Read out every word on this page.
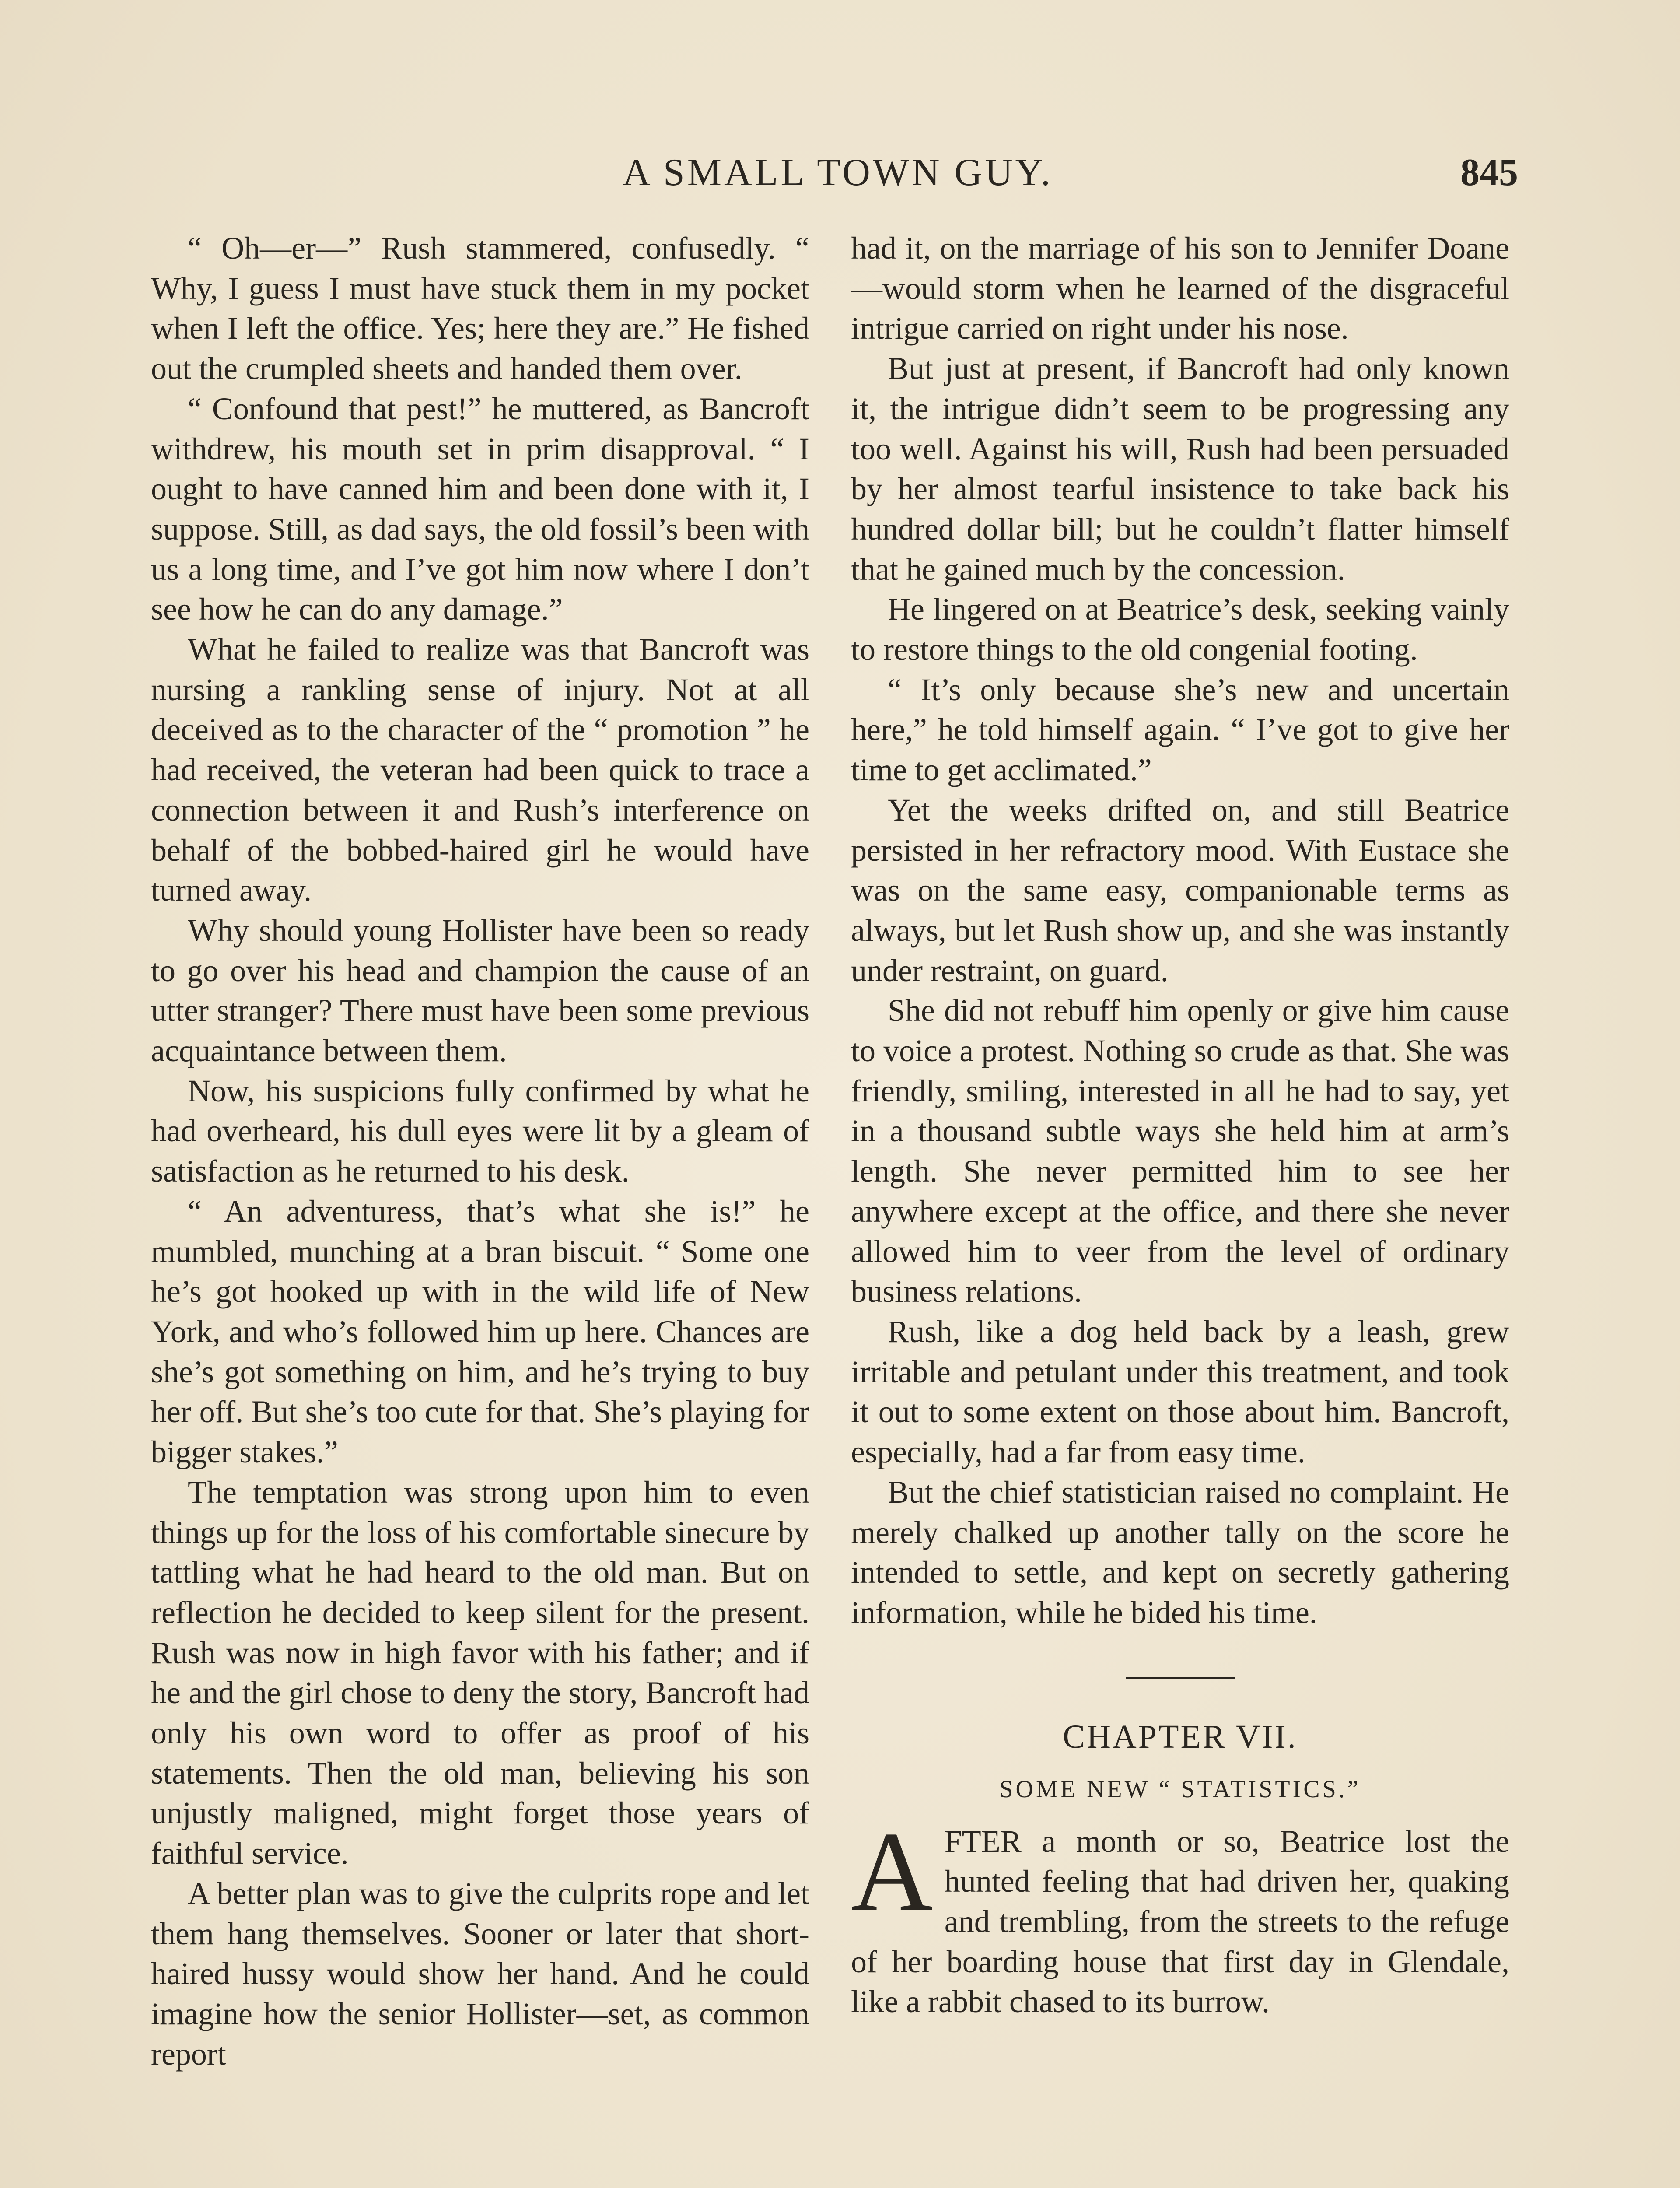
A SMALL TOWN GUY.	845

“ Oh—er—” Rush stammered, confusedly. “ Why, I guess I must have stuck them in my pocket when I left the office. Yes; here they are.” He fished out the crumpled sheets and handed them over.

“ Confound that pest!” he muttered, as Bancroft withdrew, his mouth set in prim disapproval. “ I ought to have canned him and been done with it, I suppose. Still, as dad says, the old fossil’s been with us a long time, and I’ve got him now where I don’t see how he can do any damage.”

What he failed to realize was that Bancroft was nursing a rankling sense of injury. Not at all deceived as to the character of the “ promotion ” he had received, the veteran had been quick to trace a connection between it and Rush’s interference on behalf of the bobbed-haired girl he would have turned away.

Why should young Hollister have been so ready to go over his head and champion the cause of an utter stranger? There must have been some previous acquaintance between them.

Now, his suspicions fully confirmed by what he had overheard, his dull eyes were lit by a gleam of satisfaction as he returned to his desk.

“ An adventuress, that’s what she is!” he mumbled, munching at a bran biscuit. “ Some one he’s got hooked up with in the wild life of New York, and who’s followed him up here. Chances are she’s got something on him, and he’s trying to buy her off. But she’s too cute for that. She’s playing for bigger stakes.”

The temptation was strong upon him to even things up for the loss of his comfortable sinecure by tattling what he had heard to the old man. But on reflection he decided to keep silent for the present. Rush was now in high favor with his father; and if he and the girl chose to deny the story, Bancroft had only his own word to offer as proof of his statements. Then the old man, believing his son unjustly maligned, might forget those years of faithful service.

A better plan was to give the culprits rope and let them hang themselves. Sooner or later that short-haired hussy would show her hand. And he could imagine how the senior Hollister—set, as common report

had it, on the marriage of his son to Jennifer Doane—would storm when he learned of the disgraceful intrigue carried on right under his nose.

But just at present, if Bancroft had only known it, the intrigue didn’t seem to be progressing any too well. Against his will, Rush had been persuaded by her almost tearful insistence to take back his hundred dollar bill; but he couldn’t flatter himself that he gained much by the concession.

He lingered on at Beatrice’s desk, seeking vainly to restore things to the old congenial footing.

“ It’s only because she’s new and uncertain here,” he told himself again. “ I’ve got to give her time to get acclimated.”

Yet the weeks drifted on, and still Beatrice persisted in her refractory mood. With Eustace she was on the same easy, companionable terms as always, but let Rush show up, and she was instantly under restraint, on guard.

She did not rebuff him openly or give him cause to voice a protest. Nothing so crude as that. She was friendly, smiling, interested in all he had to say, yet in a thousand subtle ways she held him at arm’s length. She never permitted him to see her anywhere except at the office, and there she never allowed him to veer from the level of ordinary business relations.

Rush, like a dog held back by a leash, grew irritable and petulant under this treatment, and took it out to some extent on those about him. Bancroft, especially, had a far from easy time.

But the chief statistician raised no complaint. He merely chalked up another tally on the score he intended to settle, and kept on secretly gathering information, while he bided his time.

CHAPTER VII.
SOME NEW “ STATISTICS.”

AFTER a month or so, Beatrice lost the hunted feeling that had driven her, quaking and trembling, from the streets to the refuge of her boarding house that first day in Glendale, like a rabbit chased to its burrow.
